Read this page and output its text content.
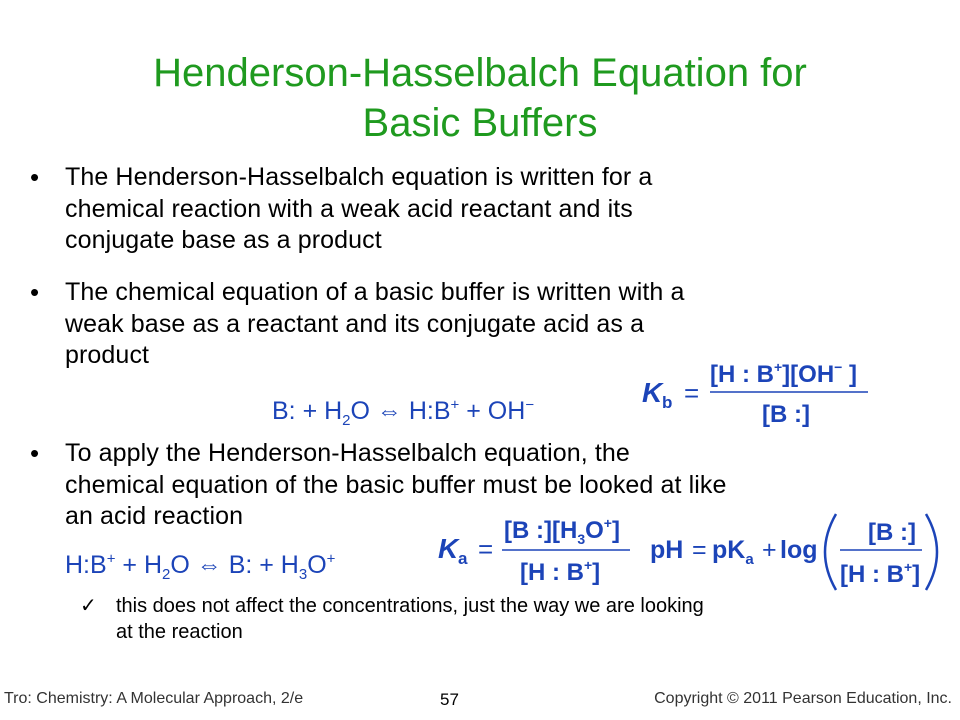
Henderson-Hasselbalch Equation for
Basic Buffers
• The Henderson-Hasselbalch equation is written for a
chemical reaction with a weak acid reactant and its
conjugate base as a product
• The chemical equation of a basic buffer is written with a
weak base as a reactant and its conjugate acid as a
product
B: + $H_2O$ ⇔ H:B+ + OH−	K b =
[H : B+][OH− ]
[B :]
• To apply the Henderson-Hasselbalch equation, the
chemical equation of the basic buffer must be looked at like
an acid reaction
H:B+ + $H_2O$ ⇔ B: + $H_3O^+$	K a =
[B $:][H_3O^+]$
[H : B+]
pH = $pK_a + \log$
[B :]
[H : B+]
✓ this does not affect the concentrations, just the way we are looking
at the reaction
Tro: Chemistry: A Molecular Approach, 2/e	57	Copyright © 2011 Pearson Education, Inc.
